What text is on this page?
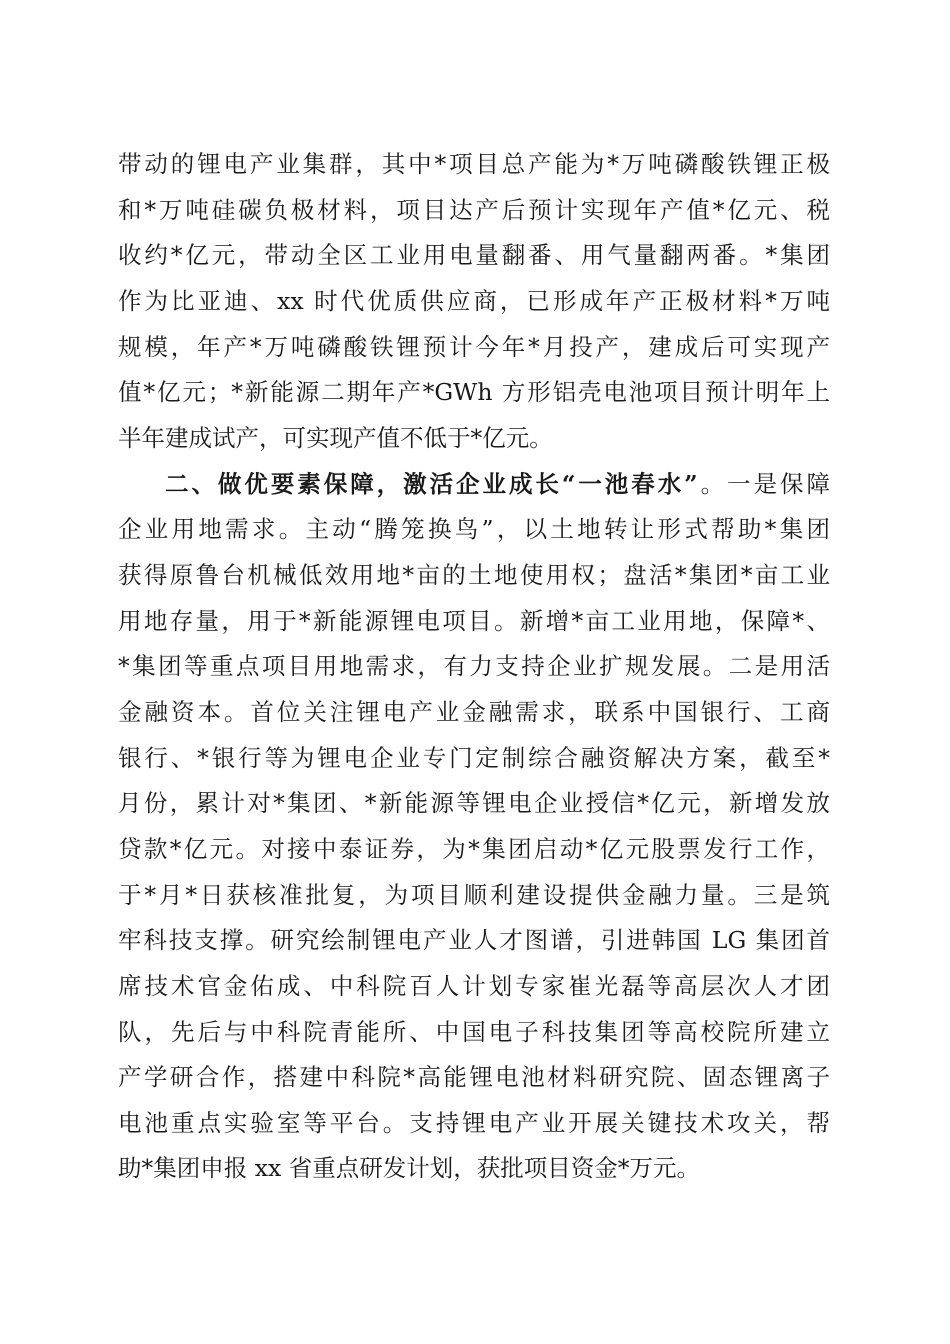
带动的锂电产业集群，其中*项目总产能为*万吨磷酸铁锂正极
和*万吨硅碳负极材料，项目达产后预计实现年产值*亿元、税
收约*亿元，带动全区工业用电量翻番、用气量翻两番。*集团
作为比亚迪、xx 时代优质供应商，已形成年产正极材料*万吨
规模，年产*万吨磷酸铁锂预计今年*月投产，建成后可实现产
值*亿元；*新能源二期年产*GWh 方形铝壳电池项目预计明年上
半年建成试产，可实现产值不低于*亿元。
二、做优要素保障，激活企业成长“一池春水”。一是保障
企业用地需求。主动“腾笼换鸟”，以土地转让形式帮助*集团
获得原鲁台机械低效用地*亩的土地使用权；盘活*集团*亩工业
用地存量，用于*新能源锂电项目。新增*亩工业用地，保障*、
*集团等重点项目用地需求，有力支持企业扩规发展。二是用活
金融资本。首位关注锂电产业金融需求，联系中国银行、工商
银行、*银行等为锂电企业专门定制综合融资解决方案，截至*
月份，累计对*集团、*新能源等锂电企业授信*亿元，新增发放
贷款*亿元。对接中泰证券，为*集团启动*亿元股票发行工作，
于*月*日获核准批复，为项目顺利建设提供金融力量。三是筑
牢科技支撑。研究绘制锂电产业人才图谱，引进韩国 LG 集团首
席技术官金佑成、中科院百人计划专家崔光磊等高层次人才团
队，先后与中科院青能所、中国电子科技集团等高校院所建立
产学研合作，搭建中科院*高能锂电池材料研究院、固态锂离子
电池重点实验室等平台。支持锂电产业开展关键技术攻关，帮
助*集团申报 xx 省重点研发计划，获批项目资金*万元。
